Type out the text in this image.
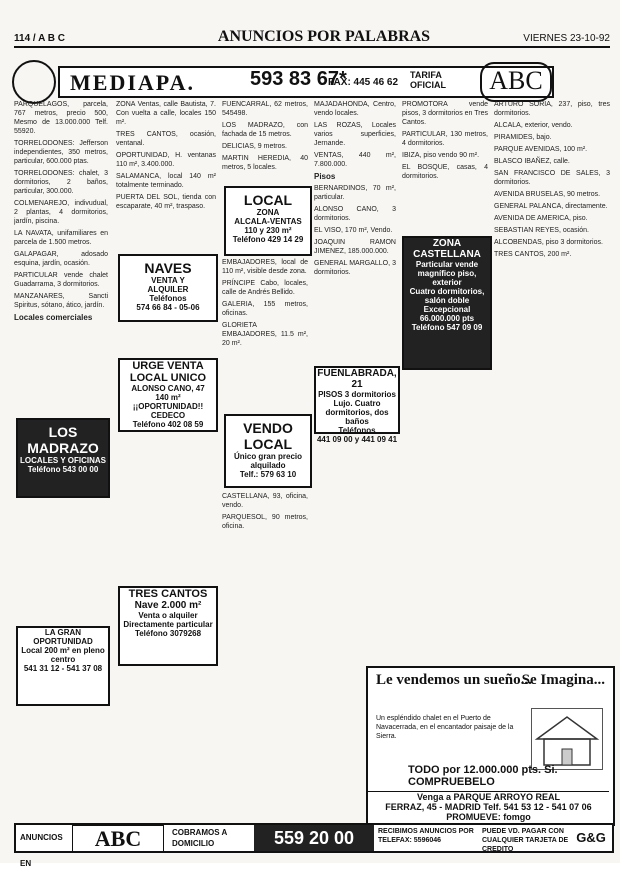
114 / A B C	ANUNCIOS POR PALABRAS	VIERNES 23-10-92
MEDIAPA.	593 83 67*
FAX: 445 46 62
TARIFA OFICIAL	ABC

PARQUELAGOS, parcela, 767 metros, precio 500, Mesmo de 13.000.000 Telf. 55920.

TORRELODONES: Jefferson independientes, 350 metros, particular, 600.000 ptas.

TORRELODONES: chalet, 3 dormitorios, 2 baños, particular, 300.000.

COLMENAREJO, indivudual, 2 plantas, 4 dormitorios, jardín, piscina.

LA NAVATA, unifamiliares en parcela de 1.500 metros.

GALAPAGAR, adosado esquina, jardín, ocasión.

PARTICULAR vende chalet Guadarrama, 3 dormitorios.

MANZANARES, Sancti Spiritus, sótano, ático, jardín.

Locales comerciales

LOS MADRAZO
LOCALES Y OFICINAS
Teléfono 543 00 00
LA GRAN OPORTUNIDAD
Local 200 m² en pleno centro
541 31 12 - 541 37 08

ZONA Ventas, calle Bautista, 7. Con vuelta a calle, locales 150 m².

TRES CANTOS, ocasión, ventanal.

OPORTUNIDAD, H. ventanas 110 m², 3.400.000.

SALAMANCA, local 140 m² totalmente terminado.

PUERTA DEL SOL, tienda con escaparate, 40 m², traspaso.

NAVES
VENTA Y
ALQUILER
Teléfonos
574 66 84 - 05-06
URGE VENTA
LOCAL UNICO
ALONSO CANO, 47
140 m²
¡¡OPORTUNIDAD!!
CEDECO
Teléfono 402 08 59
TRES CANTOS
Nave 2.000 m²
Venta o alquiler
Directamente particular
Teléfono 3079268

FUENCARRAL, 62 metros, 545498.

LOS MADRAZO, con fachada de 15 metros.

DELICIAS, 9 metros.

MARTIN HEREDIA, 40 metros, 5 locales.

LOCAL
ZONA
ALCALA-VENTAS
110 y 230 m²
Teléfono 429 14 29

EMBAJADORES, local de 110 m², visible desde zona.

PRÍNCIPE Cabo, locales, calle de Andrés Bellido.

GALERIA, 155 metros, oficinas.

GLORIETA EMBAJADORES, 11.5 m², 20 m².

VENDO
LOCAL
Único gran precio
alquilado
Telf.: 579 63 10

CASTELLANA, 93, oficina, vendo.

PARQUESOL, 90 metros, oficina.

MAJADAHONDA, Centro, vendo locales.

LAS ROZAS, Locales varios superficies, Jernande.

VENTAS, 440 m², 7.800.000.

Pisos

BERNARDINOS, 70 m², particular.

ALONSO CANO, 3 dormitorios.

EL VISO, 170 m², Vendo.

JOAQUIN RAMON JIMENEZ, 185.000.000.

GENERAL MARGALLO, 3 dormitorios.

FUENLABRADA, 21
PISOS 3 dormitorios
Lujo. Cuatro dormitorios, dos baños
Teléfonos
441 09 00 y 441 09 41

PROMOTORA vende pisos, 3 dormitorios en Tres Cantos.

PARTICULAR, 130 metros, 4 dormitorios.

IBIZA, piso vendo 90 m².

EL BOSQUE, casas, 4 dormitorios.

ZONA CASTELLANA
Particular vende magnífico piso, exterior
Cuatro dormitorios, salón doble
Excepcional 66.000.000 pts
Teléfono 547 09 09

ARTURO SORIA, 237, piso, tres dormitorios.

ALCALA, exterior, vendo.

PIRAMIDES, bajo.

PARQUE AVENIDAS, 100 m².

BLASCO IBAÑEZ, calle.

SAN FRANCISCO DE SALES, 3 dormitorios.

AVENIDA BRUSELAS, 90 metros.

GENERAL PALANCA, directamente.

AVENIDA DE AMERICA, piso.

SEBASTIAN REYES, ocasión.

ALCOBENDAS, piso 3 dormitorios.

TRES CANTOS, 200 m².

Le vendemos un sueño...
Se Imagina...
Un espléndido chalet en el Puerto de Navacerrada, en el encantador paisaje de la Sierra.
TODO por 12.000.000 pts. Si. COMPRUEBELO
Venga a PARQUE ARROYO REAL
FERRAZ, 45 - MADRID Telf. 541 53 12 - 541 07 06
PROMUEVE: fomgo
ANUNCIOS EN
ABC	COBRAMOS A DOMICILIO	559 20 00	RECIBIMOS ANUNCIOS POR TELEFAX: 5596046
PUEDE VD. PAGAR CON CUALQUIER TARJETA DE CREDITO
G&G
